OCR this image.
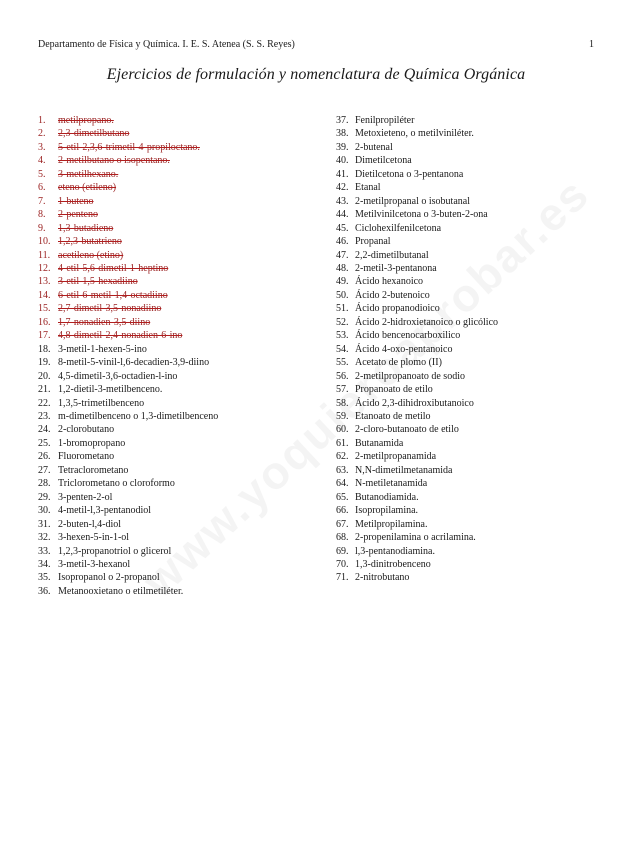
Departamento de Física y Química. I. E. S. Atenea (S. S. Reyes)	1
Ejercicios de formulación y nomenclatura de Química Orgánica
1. metilpropano.
2. 2,3-dimetilbutano
3. 5-etil-2,3,6-trimetil-4-propiloctano.
4. 2-metilbutano o isopentano.
5. 3-metilhexano.
6. eteno (etileno)
7. 1-buteno
8. 2-penteno
9. 1,3-butadieno
10. 1,2,3-butatrieno
11. acetileno (etino)
12. 4-etil-5,6-dimetil-1-heptino
13. 3-etil-1,5-hexadiino
14. 6-etil-6-metil-1,4-octadiino
15. 2,7-dimetil-3,5-nonadiino
16. 1,7-nonadien-3,5-diino
17. 4,8-dimetil-2,4-nonadien-6-ino
18. 3-metil-1-hexen-5-ino
19. 8-metil-5-vinil-l,6-decadien-3,9-diino
20. 4,5-dimetil-3,6-octadien-l-ino
21. 1,2-dietil-3-metilbenceno.
22. 1,3,5-trimetilbenceno
23. m-dimetilbenceno o 1,3-dimetilbenceno
24. 2-clorobutano
25. 1-bromopropano
26. Fluorometano
27. Tetraclorometano
28. Triclorometano o cloroformo
29. 3-penten-2-ol
30. 4-metil-l,3-pentanodiol
31. 2-buten-l,4-diol
32. 3-hexen-5-in-1-ol
33. 1,2,3-propanotriol o glicerol
34. 3-metil-3-hexanol
35. Isopropanol o 2-propanol
36. Metanooxietano o etilmetiléter.
37. Fenilpropiléter
38. Metoxieteno, o metilviniléter.
39. 2-butenal
40. Dimetilcetona
41. Dietilcetona o 3-pentanona
42. Etanal
43. 2-metilpropanal o isobutanal
44. Metilvinilcetona o 3-buten-2-ona
45. Ciclohexilfenilcetona
46. Propanal
47. 2,2-dimetilbutanal
48. 2-metil-3-pentanona
49. Ácido hexanoico
50. Ácido 2-butenoico
51. Ácido propanodioico
52. Ácido 2-hidroxietanoico o glicólico
53. Ácido bencenocarboxilico
54. Ácido 4-oxo-pentanoico
55. Acetato de plomo (II)
56. 2-metilpropanoato de sodio
57. Propanoato de etilo
58. Ácido 2,3-dihidroxibutanoico
59. Etanoato de metilo
60. 2-cloro-butanoato de etilo
61. Butanamida
62. 2-metilpropanamida
63. N,N-dimetilmetanamida
64. N-metiletanamida
65. Butanodiamida.
66. Isopropilamina.
67. Metilpropilamina.
68. 2-propenilamina o acrilamina.
69. l,3-pentanodiamina.
70. 1,3-dinitrobenceno
71. 2-nitrobutano
